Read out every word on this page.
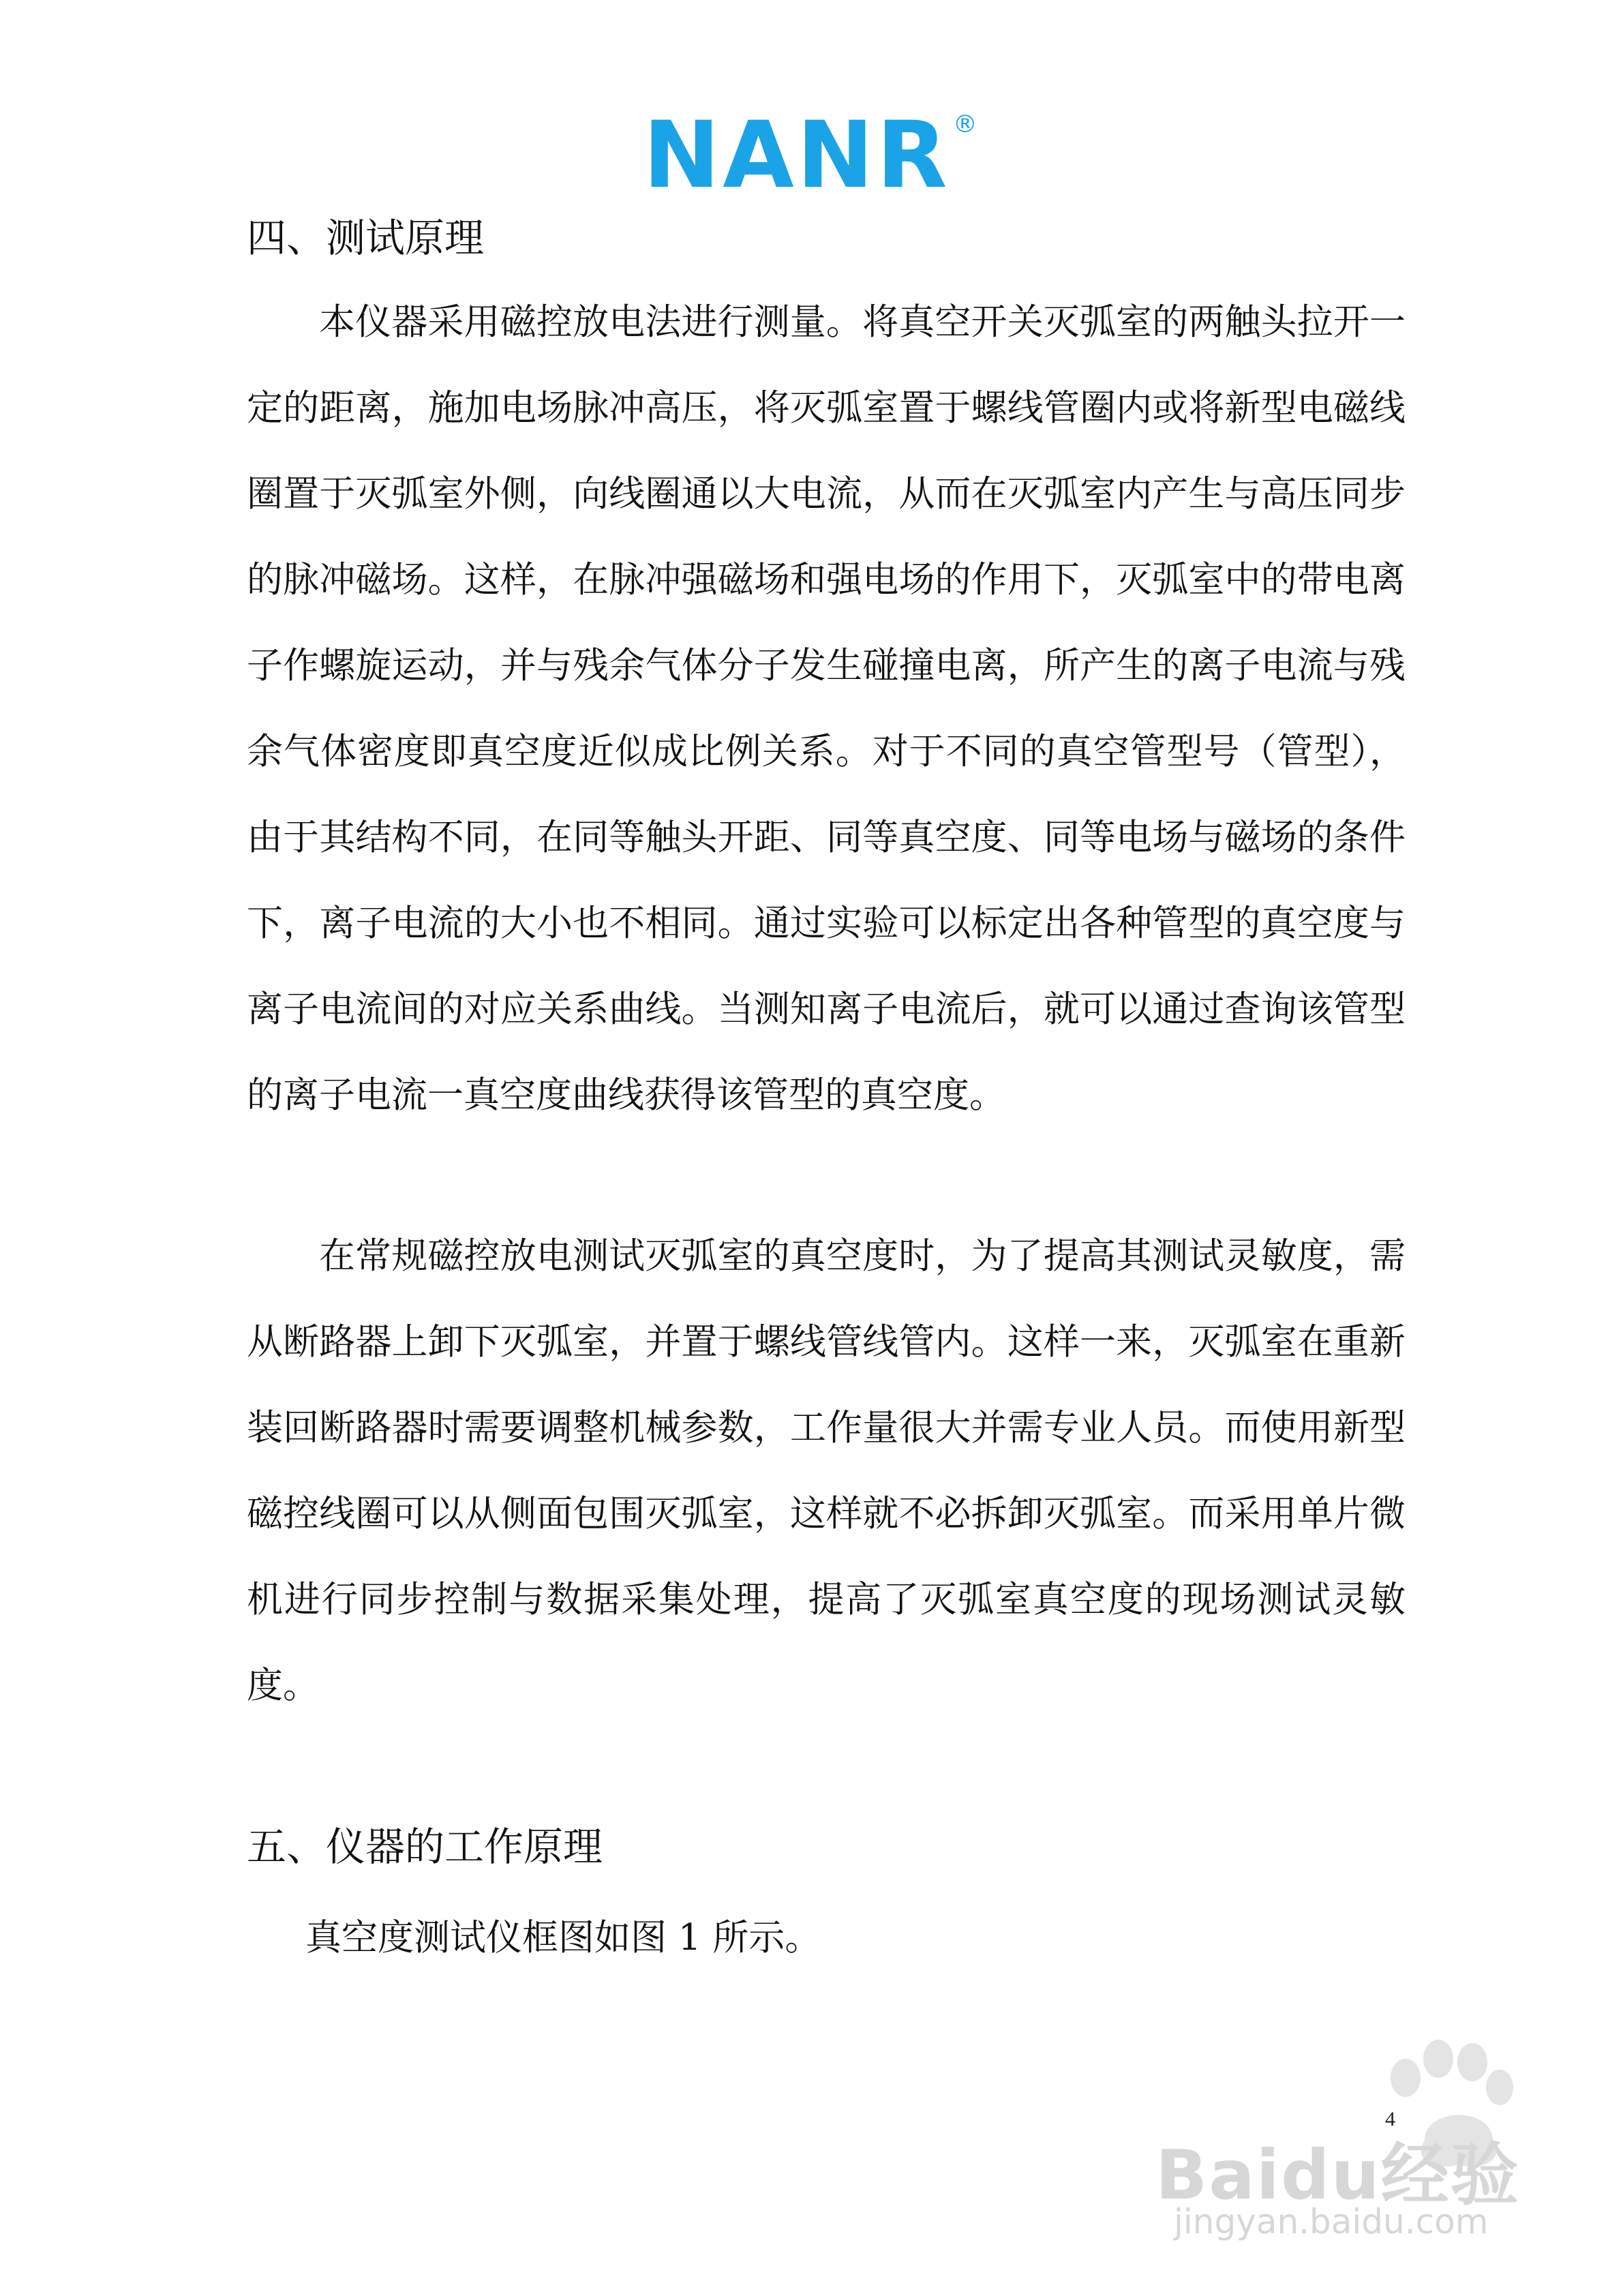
NANR ®
四、测试原理
本仪器采用磁控放电法进行测量。将真空开关灭弧室的两触头拉开一定的距离，施加电场脉冲高压，将灭弧室置于螺线管圈内或将新型电磁线圈置于灭弧室外侧，向线圈通以大电流，从而在灭弧室内产生与高压同步的脉冲磁场。这样，在脉冲强磁场和强电场的作用下，灭弧室中的带电离子作螺旋运动，并与残余气体分子发生碰撞电离，所产生的离子电流与残余气体密度即真空度近似成比例关系。对于不同的真空管型号（管型），由于其结构不同，在同等触头开距、同等真空度、同等电场与磁场的条件下，离子电流的大小也不相同。通过实验可以标定出各种管型的真空度与离子电流间的对应关系曲线。当测知离子电流后，就可以通过查询该管型的离子电流一真空度曲线获得该管型的真空度。
在常规磁控放电测试灭弧室的真空度时，为了提高其测试灵敏度，需从断路器上卸下灭弧室，并置于螺线管线管内。这样一来，灭弧室在重新装回断路器时需要调整机械参数，工作量很大并需专业人员。而使用新型磁控线圈可以从侧面包围灭弧室，这样就不必拆卸灭弧室。而采用单片微机进行同步控制与数据采集处理，提高了灭弧室真空度的现场测试灵敏度。
五、仪器的工作原理
真空度测试仪框图如图 1 所示。
4
Baidu经验
jingyan.baidu.com
